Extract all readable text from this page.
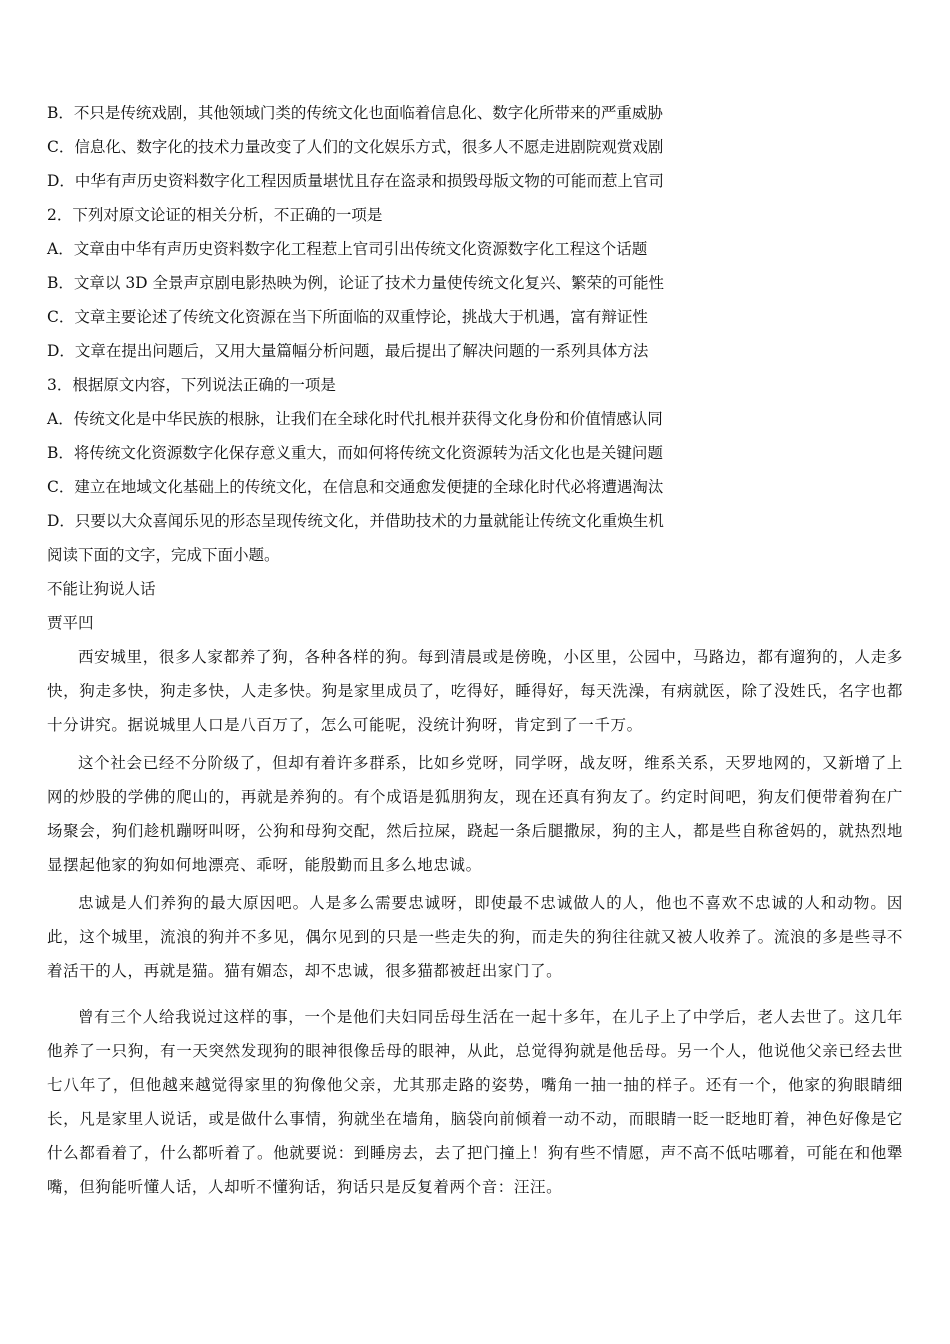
B．不只是传统戏剧，其他领域门类的传统文化也面临着信息化、数字化所带来的严重威胁
C．信息化、数字化的技术力量改变了人们的文化娱乐方式，很多人不愿走进剧院观赏戏剧
D．中华有声历史资料数字化工程因质量堪忧且存在盗录和损毁母版文物的可能而惹上官司
2．下列对原文论证的相关分析，不正确的一项是
A．文章由中华有声历史资料数字化工程惹上官司引出传统文化资源数字化工程这个话题
B．文章以 3D 全景声京剧电影热映为例，论证了技术力量使传统文化复兴、繁荣的可能性
C．文章主要论述了传统文化资源在当下所面临的双重悖论，挑战大于机遇，富有辩证性
D．文章在提出问题后，又用大量篇幅分析问题，最后提出了解决问题的一系列具体方法
3．根据原文内容，下列说法正确的一项是
A．传统文化是中华民族的根脉，让我们在全球化时代扎根并获得文化身份和价值情感认同
B．将传统文化资源数字化保存意义重大，而如何将传统文化资源转为活文化也是关键问题
C．建立在地域文化基础上的传统文化，在信息和交通愈发便捷的全球化时代必将遭遇淘汰
D．只要以大众喜闻乐见的形态呈现传统文化，并借助技术的力量就能让传统文化重焕生机
阅读下面的文字，完成下面小题。
不能让狗说人话
贾平凹
西安城里，很多人家都养了狗，各种各样的狗。每到清晨或是傍晚，小区里，公园中，马路边，都有遛狗的，人走多快，狗走多快，狗走多快，人走多快。狗是家里成员了，吃得好，睡得好，每天洗澡，有病就医，除了没姓氏，名字也都十分讲究。据说城里人口是八百万了，怎么可能呢，没统计狗呀，肯定到了一千万。
这个社会已经不分阶级了，但却有着许多群系，比如乡党呀，同学呀，战友呀，维系关系，天罗地网的，又新增了上网的炒股的学佛的爬山的，再就是养狗的。有个成语是狐朋狗友，现在还真有狗友了。约定时间吧，狗友们便带着狗在广场聚会，狗们趁机蹦呀叫呀，公狗和母狗交配，然后拉屎，跷起一条后腿撒尿，狗的主人，都是些自称爸妈的，就热烈地显摆起他家的狗如何地漂亮、乖呀，能殷勤而且多么地忠诚。
忠诚是人们养狗的最大原因吧。人是多么需要忠诚呀，即使最不忠诚做人的人，他也不喜欢不忠诚的人和动物。因此，这个城里，流浪的狗并不多见，偶尔见到的只是一些走失的狗，而走失的狗往往就又被人收养了。流浪的多是些寻不着活干的人，再就是猫。猫有媚态，却不忠诚，很多猫都被赶出家门了。
曾有三个人给我说过这样的事，一个是他们夫妇同岳母生活在一起十多年，在儿子上了中学后，老人去世了。这几年他养了一只狗，有一天突然发现狗的眼神很像岳母的眼神，从此，总觉得狗就是他岳母。另一个人，他说他父亲已经去世七八年了，但他越来越觉得家里的狗像他父亲，尤其那走路的姿势，嘴角一抽一抽的样子。还有一个，他家的狗眼睛细长，凡是家里人说话，或是做什么事情，狗就坐在墙角，脑袋向前倾着一动不动，而眼睛一眨一眨地盯着，神色好像是它什么都看着了，什么都听着了。他就要说：到睡房去，去了把门撞上！狗有些不情愿，声不高不低咕哪着，可能在和他犟嘴，但狗能听懂人话，人却听不懂狗话，狗话只是反复着两个音：汪汪。
